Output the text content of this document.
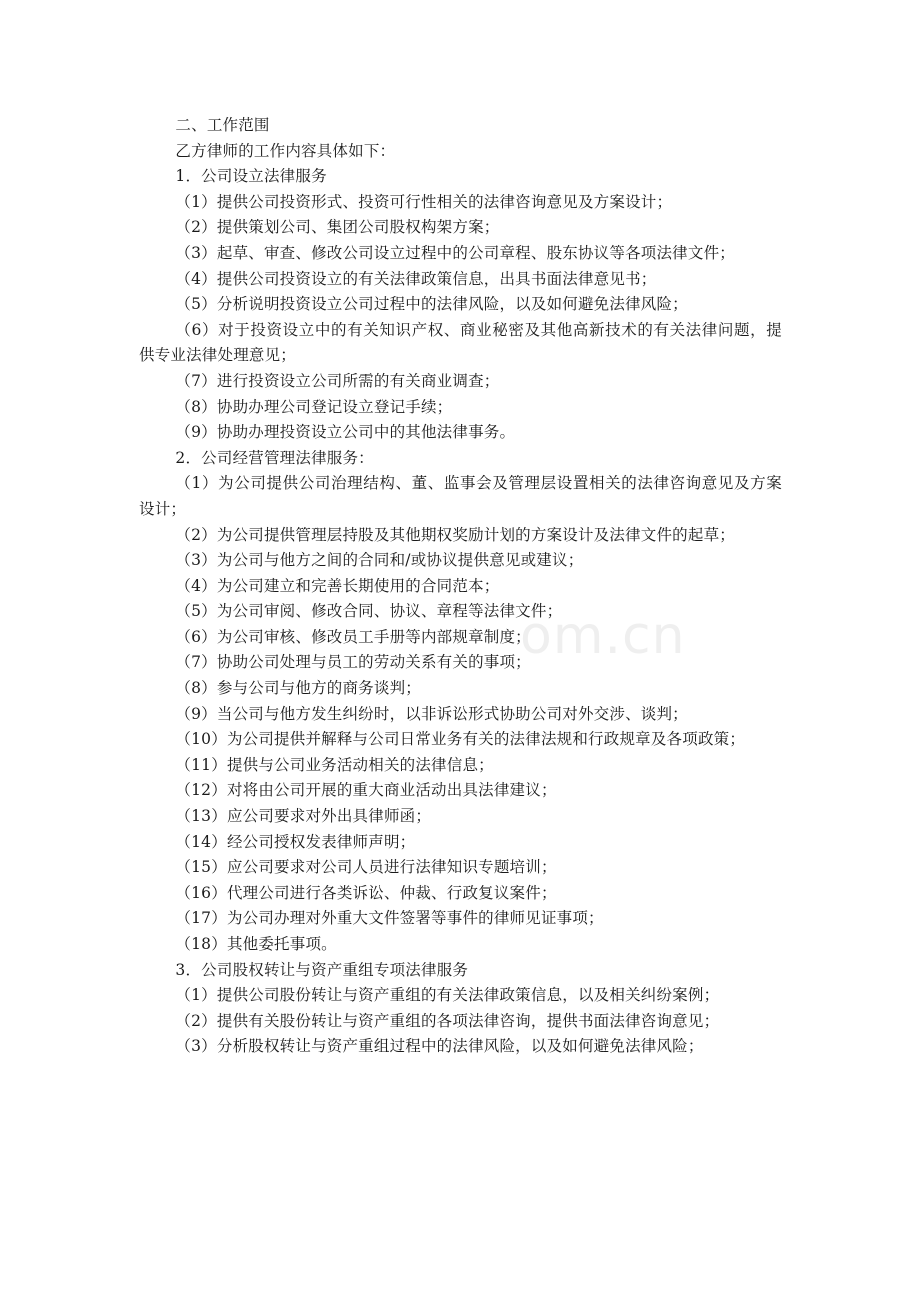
om.cn

二、工作范围

乙方律师的工作内容具体如下：

1．公司设立法律服务

（1）提供公司投资形式、投资可行性相关的法律咨询意见及方案设计；

（2）提供策划公司、集团公司股权构架方案；

（3）起草、审查、修改公司设立过程中的公司章程、股东协议等各项法律文件；

（4）提供公司投资设立的有关法律政策信息，出具书面法律意见书；

（5）分析说明投资设立公司过程中的法律风险，以及如何避免法律风险；

（6）对于投资设立中的有关知识产权、商业秘密及其他高新技术的有关法律问题，提供专业法律处理意见；

（7）进行投资设立公司所需的有关商业调查；

（8）协助办理公司登记设立登记手续；

（9）协助办理投资设立公司中的其他法律事务。

2．公司经营管理法律服务：

（1）为公司提供公司治理结构、董、监事会及管理层设置相关的法律咨询意见及方案设计；

（2）为公司提供管理层持股及其他期权奖励计划的方案设计及法律文件的起草；

（3）为公司与他方之间的合同和/或协议提供意见或建议；

（4）为公司建立和完善长期使用的合同范本；

（5）为公司审阅、修改合同、协议、章程等法律文件；

（6）为公司审核、修改员工手册等内部规章制度；

（7）协助公司处理与员工的劳动关系有关的事项；

（8）参与公司与他方的商务谈判；

（9）当公司与他方发生纠纷时，以非诉讼形式协助公司对外交涉、谈判；

（10）为公司提供并解释与公司日常业务有关的法律法规和行政规章及各项政策；

（11）提供与公司业务活动相关的法律信息；

（12）对将由公司开展的重大商业活动出具法律建议；

（13）应公司要求对外出具律师函；

（14）经公司授权发表律师声明；

（15）应公司要求对公司人员进行法律知识专题培训；

（16）代理公司进行各类诉讼、仲裁、行政复议案件；

（17）为公司办理对外重大文件签署等事件的律师见证事项；

（18）其他委托事项。

3．公司股权转让与资产重组专项法律服务

（1）提供公司股份转让与资产重组的有关法律政策信息，以及相关纠纷案例；

（2）提供有关股份转让与资产重组的各项法律咨询，提供书面法律咨询意见；

（3）分析股权转让与资产重组过程中的法律风险，以及如何避免法律风险；
